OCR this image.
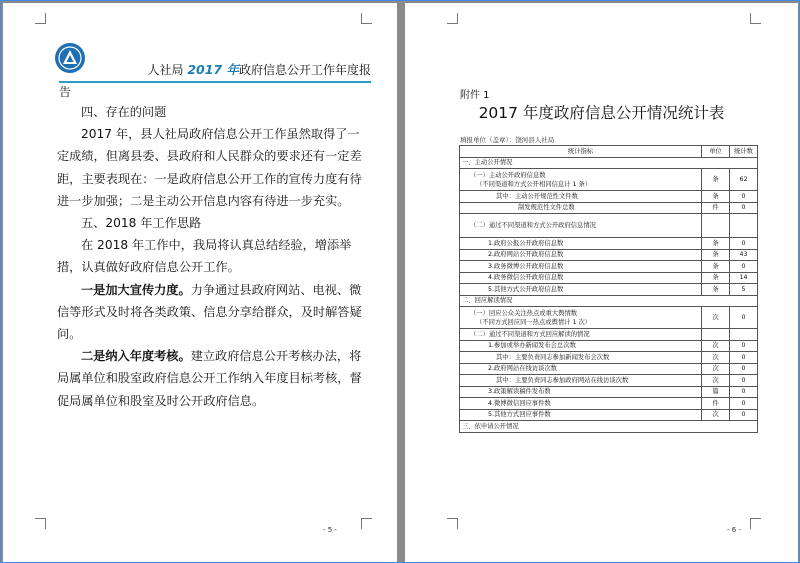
人社局 2017 年政府信息公开工作年度报
告

四、存在的问题

2017 年，县人社局政府信息公开工作虽然取得了一定成绩，但离县委、县政府和人民群众的要求还有一定差距，主要表现在：一是政府信息公开工作的宣传力度有待进一步加强；二是主动公开信息内容有待进一步充实。

五、2018 年工作思路

在 2018 年工作中，我局将认真总结经验，增添举措，认真做好政府信息公开工作。

一是加大宣传力度。力争通过县政府网站、电视、微信等形式及时将各类政策、信息分享给群众，及时解答疑问。

二是纳入年度考核。建立政府信息公开考核办法，将局属单位和股室政府信息公开工作纳入年度目标考核，督促局属单位和股室及时公开政府信息。

- 5 -
附件 1
2017 年度政府信息公开情况统计表
填报单位（盖章）：饶河县人社局
统计指标	单位	统计数
一、主动公开情况		
（一）主动公开政府信息数
（不同渠道和方式公开相同信息计 1 条）	条	62
其中：主动公开规范性文件数	条	0
制发规范性文件总数	件	0
（二）通过不同渠道和方式公开政府信息情况		
1.政府公报公开政府信息数	条	0
2.政府网站公开政府信息数	条	43
3.政务微博公开政府信息数	条	0
4.政务微信公开政府信息数	条	14
5.其他方式公开政府信息数	条	5
二、回应解读情况		
（一）回应公众关注热点或重大舆情数
（不同方式回应同一热点或舆情计 1 次）	次	0
（二）通过不同渠道和方式回应解读的情况		
1.参加或举办新闻发布会总次数	次	0
其中：主要负责同志参加新闻发布会次数	次	0
2.政府网站在线访谈次数	次	0
其中：主要负责同志参加政府网站在线访谈次数	次	0
3.政策解读稿件发布数	篇	0
4.微博微信回应事件数	件	0
5.其他方式回应事件数	次	0
三、依申请公开情况		
- 6 -
